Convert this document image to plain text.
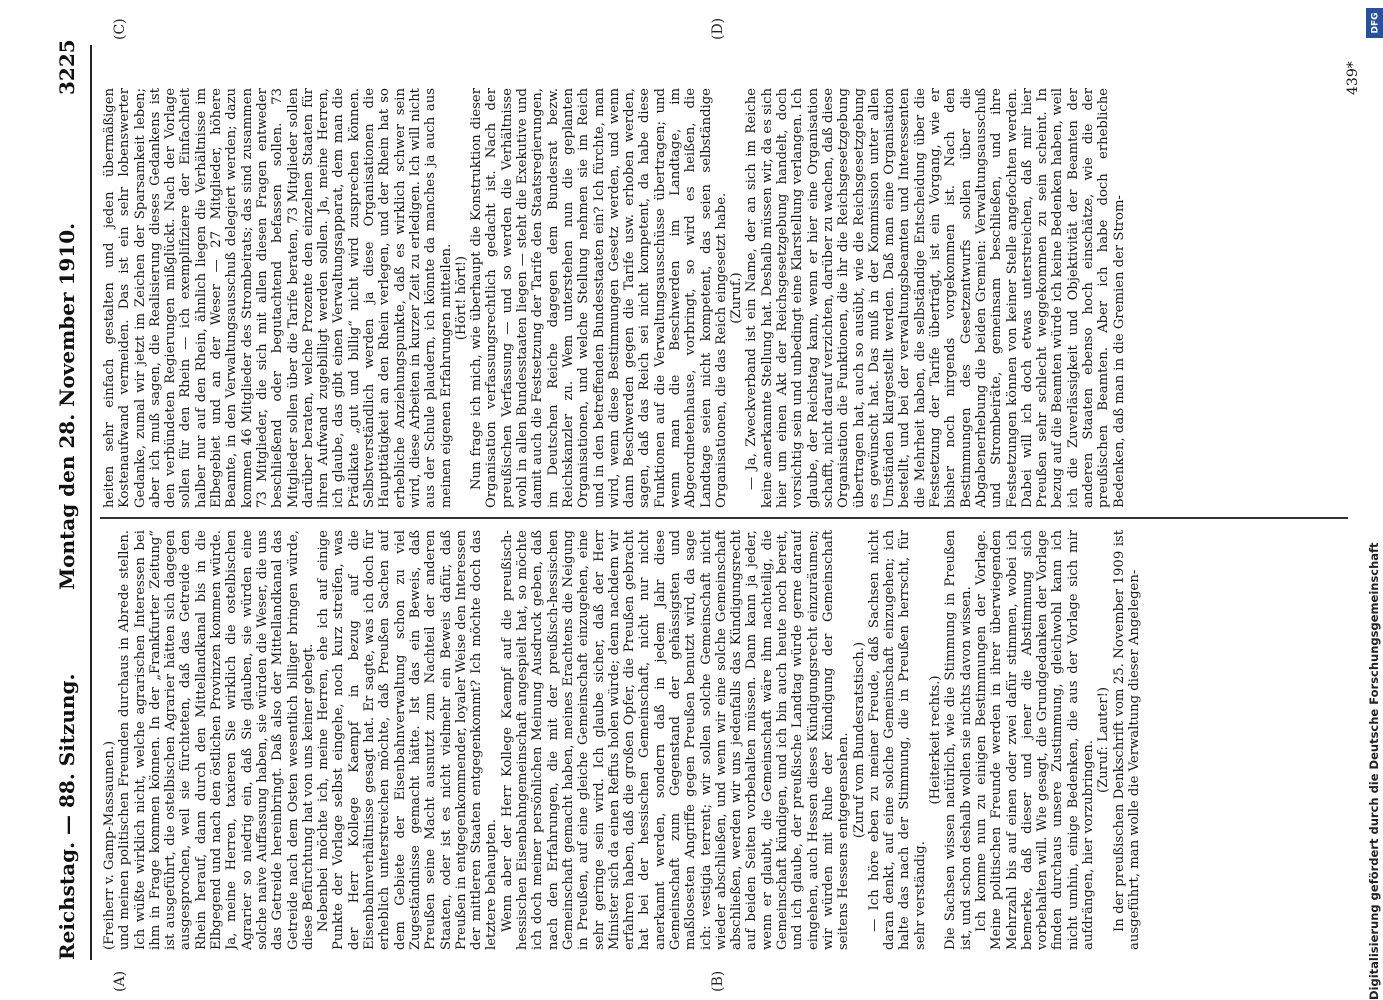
Reichstag. — 88. Sitzung.
Montag den 28. November 1910.
3225
(A)	(B)
(C)	(D)

(Freiherr v. Gamp-Massaunen.) und meinen politischen Freunden durchaus in Abrede stellen. Ich wüßte wirklich nicht, welche agrarischen Interessen bei ihm in Frage kommen können. In der „Frankfurter Zeitung“ ist ausgeführt, die ostelbischen Agrarier hätten sich dagegen ausgesprochen, weil sie fürchteten, daß das Getreide den Rhein herauf, dann durch den Mittellandkanal bis in die Elbgegend und nach den östlichen Provinzen kommen würde. Ja, meine Herren, taxieren Sie wirklich die ostelbischen Agrarier so niedrig ein, daß Sie glauben, sie würden eine solche naive Auffassung haben, sie würden die Weser, die uns das Getreide hereinbringt. Daß also der Mittellandkanal das Getreide nach dem Osten wesentlich billiger bringen würde, diese Befürchtung hat von uns keiner gehegt. Nebenbei möchte ich, meine Herren, ehe ich auf einige Punkte der Vorlage selbst eingehe, noch kurz streifen, was der Herr Kollege Kaempf in bezug auf die Eisenbahnverhältnisse gesagt hat. Er sagte, was ich doch für erheblich unterstreichen möchte, daß Preußen Sachen auf dem Gebiete der Eisenbahnverwaltung schon zu viel Zugeständnisse gemacht hätte. Ist das ein Beweis, daß Preußen seine Macht ausnutzt zum Nachteil der anderen Staaten, oder ist es nicht vielmehr ein Beweis dafür, daß Preußen in entgegenkommender, loyaler Weise den Interessen der mittleren Staaten entgegenkommt? Ich möchte doch das letztere behaupten. Wenn aber der Herr Kollege Kaempf auf die preußisch-hessischen Eisenbahngemeinschaft angespielt hat, so möchte ich doch meiner persönlichen Meinung Ausdruck geben, daß nach den Erfahrungen, die mit der preußisch-hessischen Gemeinschaft gemacht haben, meines Erachtens die Neigung in Preußen, auf eine gleiche Gemeinschaft einzugehen, eine sehr geringe sein wird. Ich glaube sicher, daß der Herr Minister sich da einen Reffus holen würde; denn nachdem wir erfahren haben, daß die großen Opfer, die Preußen gebracht hat bei der hessischen Gemeinschaft, nicht nur nicht anerkannt werden, sondern daß in jedem Jahr diese Gemeinschaft zum Gegenstand der gehässigsten und maßlosesten Angriffe gegen Preußen benutzt wird, da sage ich: vestigia terrent; wir sollen solche Gemeinschaft nicht wieder abschließen, und wenn wir eine solche Gemeinschaft abschließen, werden wir uns jedenfalls das Kündigungsrecht auf beiden Seiten vorbehalten müssen. Dann kann ja jeder, wenn er glaubt, die Gemeinschaft wäre ihm nachteilig, die Gemeinschaft kündigen, und ich bin auch heute noch bereit, und ich glaube, der preußische Landtag würde gerne darauf eingehen, auch Hessen dieses Kündigungsrecht einzuräumen; wir würden mit Ruhe der Kündigung der Gemeinschaft seitens Hessens entgegensehen. (Zuruf vom Bundesratstisch.) — Ich höre eben zu meiner Freude, daß Sachsen nicht daran denkt, auf eine solche Gemeinschaft einzugehen; ich halte das nach der Stimmung, die in Preußen herrscht, für sehr verständig.

(Heiterkeit rechts.) Die Sachsen wissen natürlich, wie die Stimmung in Preußen ist, und schon deshalb wollen sie nichts davon wissen. Ich komme nun zu einigen Bestimmungen der Vorlage. Meine politischen Freunde werden in ihrer überwiegenden Mehrzahl bis auf einen oder zwei dafür stimmen, wobei ich bemerke, daß dieser und jener die Abstimmung sich vorbehalten will. Wie gesagt, die Grundgedanken der Vorlage finden durchaus unsere Zustimmung, gleichwohl kann ich nicht umhin, einige Bedenken, die aus der Vorlage sich mir aufdrängen, hier vorzubringen. (Zuruf: Lauter!) In der preußischen Denkschrift vom 25. November 1909 ist ausgeführt, man wolle die Verwaltung dieser Angelegen-

heiten sehr einfach gestalten und jeden übermäßigen Kostenaufwand vermeiden. Das ist ein sehr lobenswerter Gedanke, zumal wir jetzt im Zeichen der Sparsamkeit leben; aber ich muß sagen, die Realisierung dieses Gedankens ist den verbündeten Regierungen mißglückt. Nach der Vorlage sollen für den Rhein — ich exemplifiziere der Einfachheit halber nur auf den Rhein, ähnlich liegen die Verhältnisse im Elbegebiet und an der Weser — 27 Mitglieder, höhere Beamte, in den Verwaltungsausschuß delegiert werden; dazu kommen 46 Mitglieder des Strombeirats; das sind zusammen 73 Mitglieder, die sich mit allen diesen Fragen entweder beschließend oder begutachtend befassen sollen. 73 Mitglieder sollen über die Tarife beraten, 73 Mitglieder sollen darüber beraten, welche Prozente den einzelnen Staaten für ihren Aufwand zugebilligt werden sollen. Ja, meine Herren, ich glaube, das gibt einen Verwaltungsapparat, dem man die Prädikate „gut und billig“ nicht wird zusprechen können. Selbstverständlich werden ja diese Organisationen die Haupttätigkeit an den Rhein verlegen, und der Rhein hat so erhebliche Anziehungspunkte, daß es wirklich schwer sein wird, diese Arbeiten in kurzer Zeit zu erledigen. Ich will nicht aus der Schule plaudern, ich könnte da manches ja auch aus meinen eigenen Erfahrungen mitteilen. (Hört! hört!) Nun frage ich mich, wie überhaupt die Konstruktion dieser Organisation verfassungsrechtlich gedacht ist. Nach der preußischen Verfassung — und so werden die Verhältnisse wohl in allen Bundesstaaten liegen — steht die Exekutive und damit auch die Festsetzung der Tarife den Staatsregierungen, im Deutschen Reiche dagegen dem Bundesrat bezw. Reichskanzler zu. Wem unterstehen nun die geplanten Organisationen, und welche Stellung nehmen sie im Reich und in den betreffenden Bundesstaaten ein? Ich fürchte, man wird, wenn diese Bestimmungen Gesetz werden, und wenn dann Beschwerden gegen die Tarife usw. erhoben werden, sagen, daß das Reich sei nicht kompetent, da habe diese Funktionen auf die Verwaltungsausschüsse übertragen; und wenn man die Beschwerden im Landtage, im Abgeordnetenhause, vorbringt, so wird es heißen, die Landtage seien nicht kompetent, das seien selbständige Organisationen, die das Reich eingesetzt habe. (Zuruf.) — Ja, Zweckverband ist ein Name, der an sich im Reiche keine anerkannte Stellung hat. Deshalb müssen wir, da es sich hier um einen Akt der Reichsgesetzgebung handelt, doch vorsichtig sein und unbedingt eine Klarstellung verlangen. Ich glaube, der Reichstag kann, wenn er hier eine Organisation schafft, nicht darauf verzichten, darüber zu wachen, daß diese Organisation die Funktionen, die ihr die Reichsgesetzgebung übertragen hat, auch so ausübt, wie die Reichsgesetzgebung es gewünscht hat. Das muß in der Kommission unter allen Umständen klargestellt werden. Daß man eine Organisation bestellt, und bei der verwaltungsbeamten und Interessenten die Mehrheit haben, die selbständige Entscheidung über die Festsetzung der Tarife überträgt, ist ein Vorgang, wie er bisher noch nirgends vorgekommen ist. Nach den Bestimmungen des Gesetzentwurfs sollen über die Abgabenerhebung die beiden Gremien: Verwaltungsausschuß und Strombeiräte, gemeinsam beschließen, und ihre Festsetzungen können von keiner Stelle angefochten werden. Dabei will ich doch etwas unterstreichen, daß mir hier Preußen sehr schlecht weggekommen zu sein scheint. In bezug auf die Beamten würde ich keine Bedenken haben, weil ich die Zuverlässigkeit und Objektivität der Beamten der anderen Staaten ebenso hoch einschätze, wie die der preußischen Beamten. Aber ich habe doch erhebliche Bedenken, daß man in die Gremien der Strom-

439*
Digitalisierung gefördert durch die Deutsche Forschungsgemeinschaft
DFG
